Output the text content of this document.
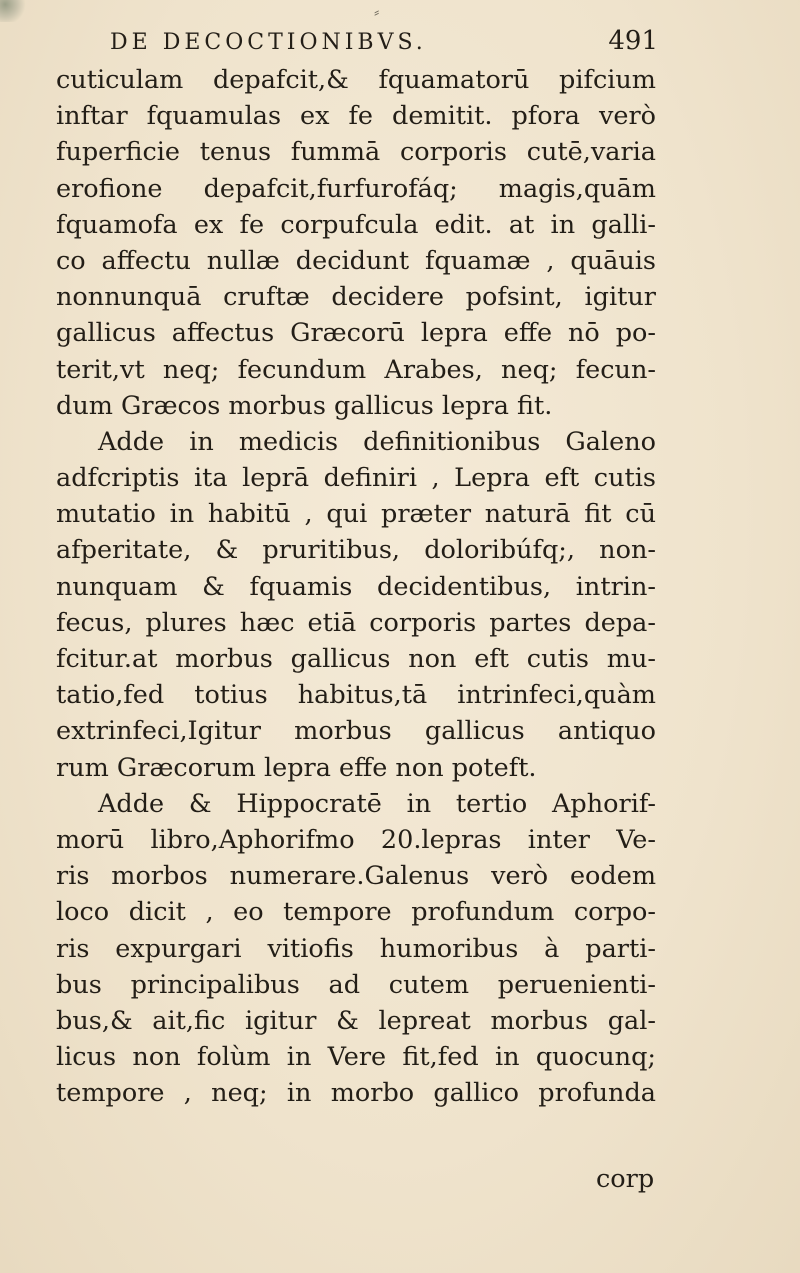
⸗
DE DECOCTIONIBVS.	491
cuticulam depafcit,& fquamatorū pifcium
inftar fquamulas ex fe demitit. pfora verò
fuperficie tenus fummā corporis cutē,varia
erofione depafcit,furfurofáq; magis,quām
fquamofa ex fe corpufcula edit. at in galli-
co affectu nullæ decidunt fquamæ , quāuis
nonnunquā cruftæ decidere pofsint, igitur
gallicus affectus Græcorū lepra effe nō po-
terit,vt neq; fecundum Arabes, neq; fecun-
dum Græcos morbus gallicus lepra fit.
Adde in medicis definitionibus Galeno
adfcriptis ita leprā definiri , Lepra eft cutis
mutatio in habitū , qui præter naturā fit cū
afperitate, & pruritibus, doloribúfq;, non-
nunquam & fquamis decidentibus, intrin-
fecus, plures hæc etiā corporis partes depa-
fcitur.at morbus gallicus non eft cutis mu-
tatio,fed totius habitus,tā intrinfeci,quàm
extrinfeci,Igitur morbus gallicus antiquo
rum Græcorum lepra effe non poteft.
Adde & Hippocratē in tertio Aphorif-
morū libro,Aphorifmo 20.lepras inter Ve-
ris morbos numerare.Galenus verò eodem
loco dicit , eo tempore profundum corpo-
ris expurgari vitiofis humoribus à parti-
bus principalibus ad cutem peruenienti-
bus,& ait,fic igitur & lepreat morbus gal-
licus non folùm in Vere fit,fed in quocunq;
tempore , neq; in morbo gallico profunda
corp
